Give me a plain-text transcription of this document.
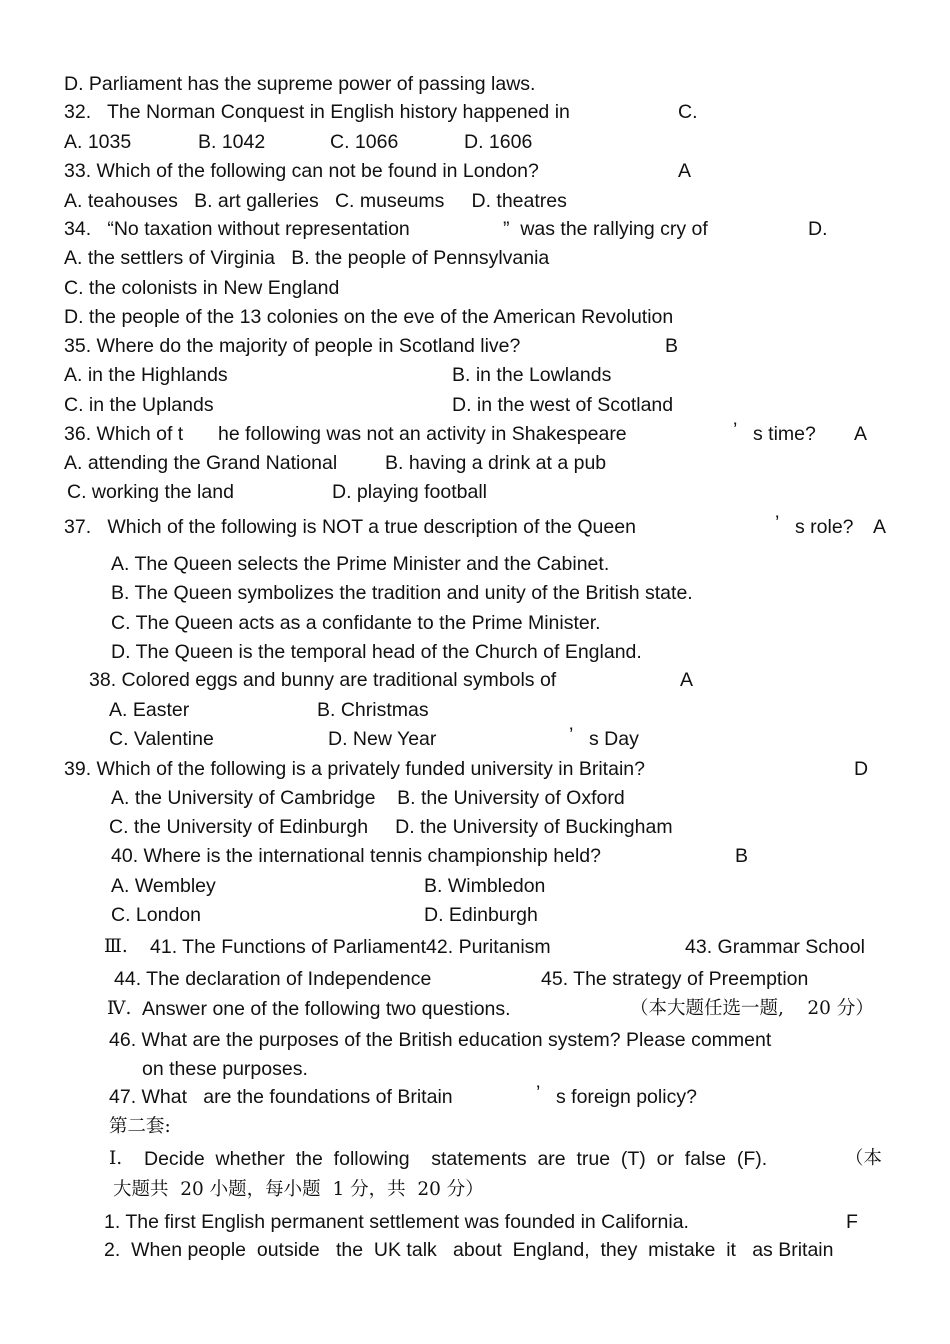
D. Parliament has the supreme power of passing laws.
32.   The Norman Conquest in English history happened in	C.
A. 1035	B. 1042	C. 1066	D. 1606
33. Which of the following can not be found in London?	A
A. teahouses   B. art galleries   C. museums     D. theatres
34.   “No taxation without representation	”  was the rallying cry of	D.
A. the settlers of Virginia   B. the people of Pennsylvania
C. the colonists in New England
D. the people of the 13 colonies on the eve of the American Revolution
35. Where do the majority of people in Scotland live?	B
A. in the Highlands	B. in the Lowlands
C. in the Uplands	D. in the west of Scotland
36. Which of t he following was not an activity in Shakespeare	’ s time? A
A. attending the Grand National B. having a drink at a pub
C. working the land	D. playing football
37.   Which of the following is NOT a true description of the Queen	’ s role? A
A. The Queen selects the Prime Minister and the Cabinet.
B. The Queen symbolizes the tradition and unity of the British state.
C. The Queen acts as a confidante to the Prime Minister.
D. The Queen is the temporal head of the Church of England.
38. Colored eggs and bunny are traditional symbols of	A
A. Easter	B. Christmas
C. Valentine	D. New Year	’ s Day
39. Which of the following is a privately funded university in Britain?	D
A. the University of Cambridge    B. the University of Oxford
C. the University of Edinburgh     D. the University of Buckingham
40. Where is the international tennis championship held?	B
A. Wembley	B. Wimbledon
C. London	D. Edinburgh
Ⅲ. 41. The Functions of Parliament42. Puritanism	43. Grammar School
44. The declaration of Independence	45. The strategy of Preemption
Ⅳ. Answer one of the following two questions.	（本大题任选一题,    20 分）
46. What are the purposes of the British education system? Please comment
on these purposes.
47. What   are the foundations of Britain	’ s foreign policy?
第二套:
Ⅰ. Decide  whether  the  following    statements  are  true  (T)  or  false  (F).	（本
大题共  20 小题，每小题  1 分，共  20 分）
1. The first English permanent settlement was founded in California.	F
2.  When people  outside   the  UK talk   about  England,  they  mistake  it   as Britain
